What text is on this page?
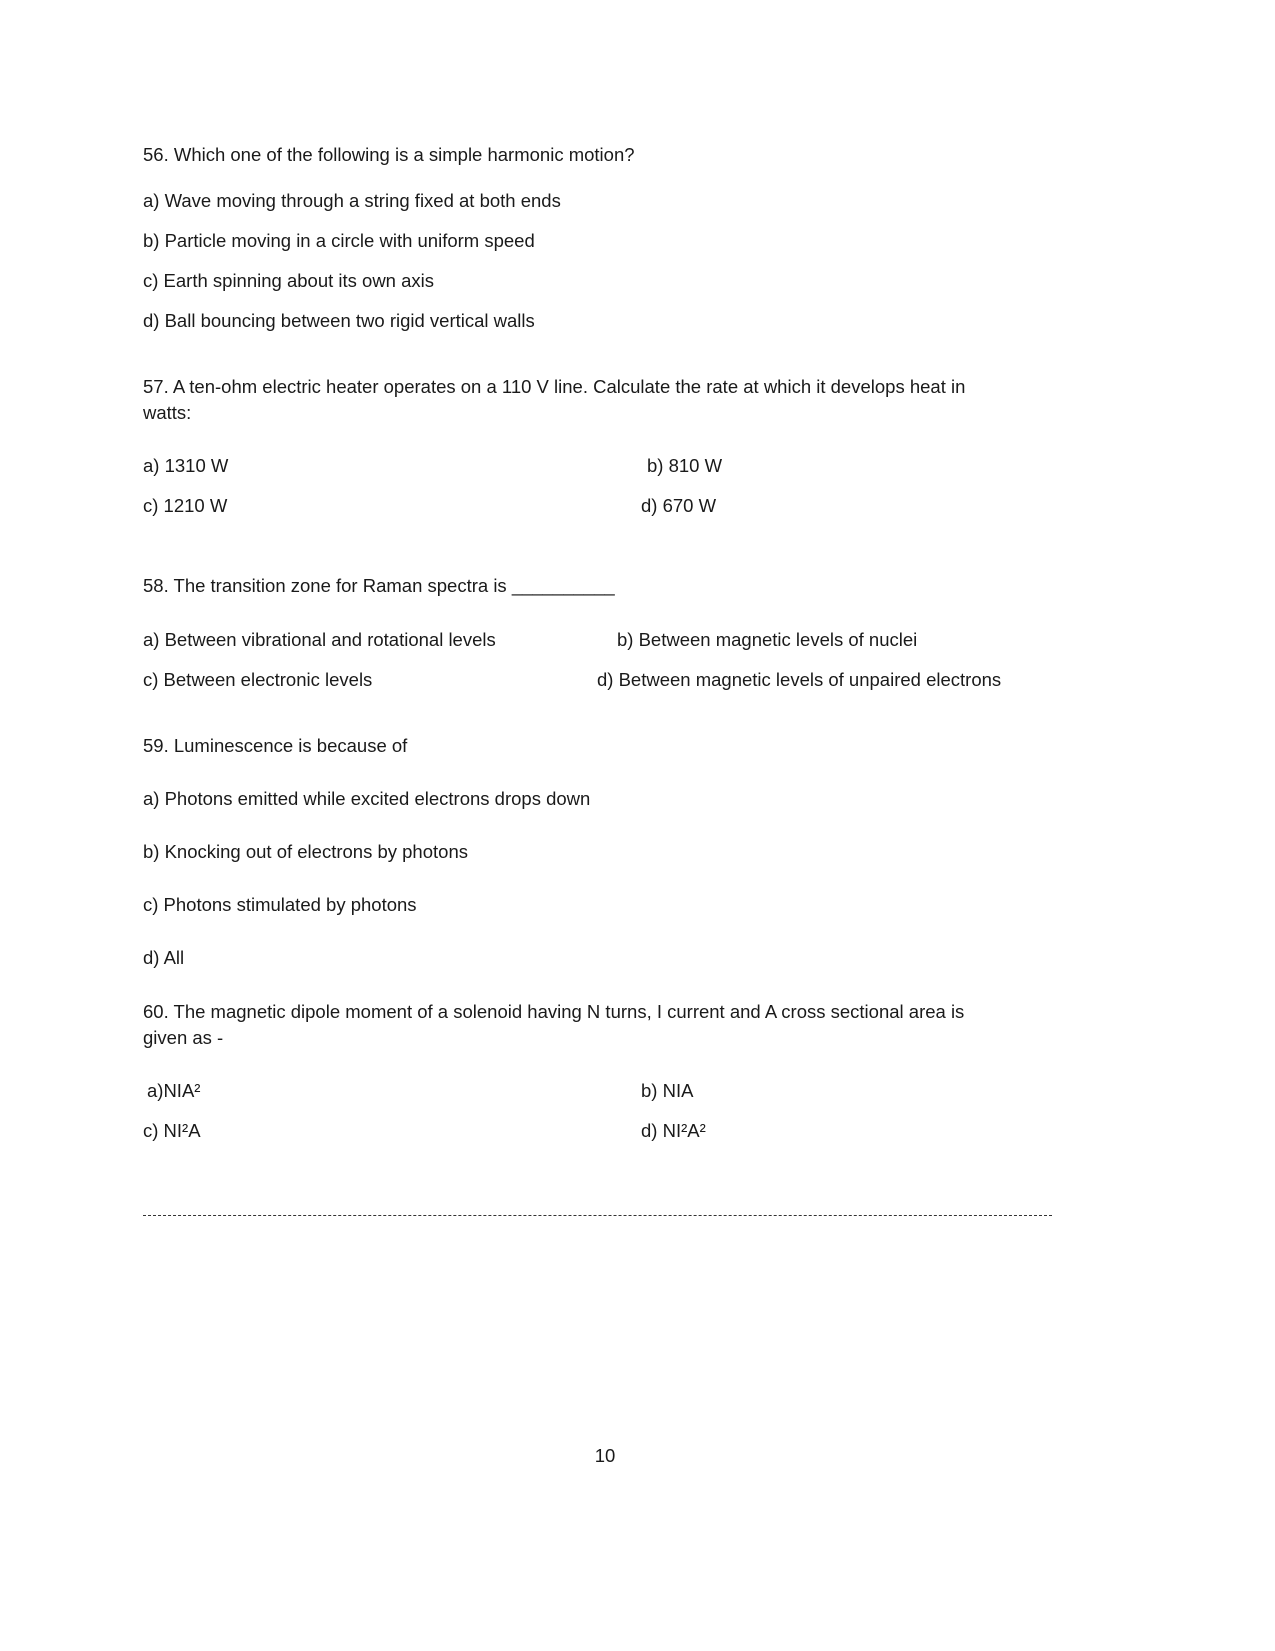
56. Which one of the following is a simple harmonic motion?
a) Wave moving through a string fixed at both ends
b) Particle moving in a circle with uniform speed
c) Earth spinning about its own axis
d) Ball bouncing between two rigid vertical walls
57. A ten-ohm electric heater operates on a 110 V line. Calculate the rate at which it develops heat in
watts:
a) 1310 W	b) 810 W
c) 1210 W	d) 670 W
58. The transition zone for Raman spectra is __________
a) Between vibrational and rotational levels	b) Between magnetic levels of nuclei
c) Between electronic levels	d) Between magnetic levels of unpaired electrons
59. Luminescence is because of
a) Photons emitted while excited electrons drops down
b) Knocking out of electrons by photons
c) Photons stimulated by photons
d) All
60. The magnetic dipole moment of a solenoid having N turns, I current and A cross sectional area is
given as -
a)NIA²	b) NIA
c) NI²A	d) NI²A²
10
